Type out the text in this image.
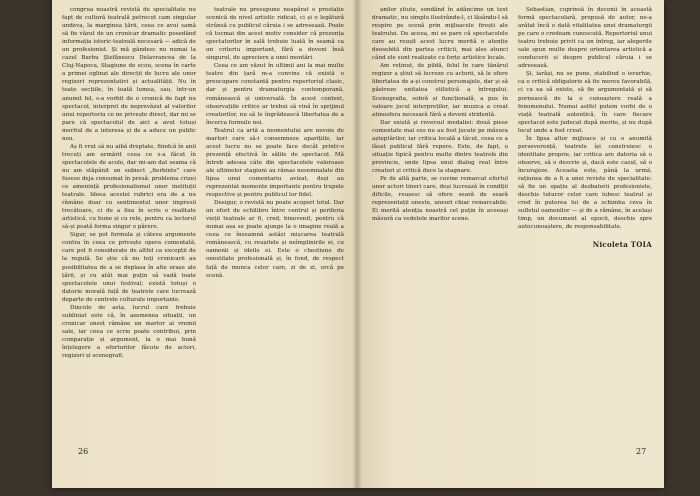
congrua noastră revistă de specialitate nu fapt de cultură teatrală petrecut cam singular undeva, la marginea țării, ceea ce avui samă să fie văzut de un cronicar dramatic posedând informația istoric-teatrală necesară — adică de un profesionist. Și mă gândesc nu numai la cazul Barbu Ștefănescu Delavrancea de la Cluj-Napoca, Stagiune de ecou, scena în carte a primei oglinzi ale direcții de lucru ale unor regizori reprezentativi și actualității. Nu în toate secțiile, în toată lumea, sau, într-un anumit fel, s-a vorbit de o cronică de fapt nu spectacol, interpret de neprevăzut al valorilor unui repertoriu ce ne privește direct, dar mi se pare că spectacolul de aici a avut totuși meritul de a interesa și de a aduce un public nou.

Aș fi vrut să nu aibă dreptate, fiindcă în anii trecuți am urmărit ceea ce s-a făcut în spectacolele de acolo, dar mi-am dat seama că nu am stăpânit un subiect „fierbinte” care fusese deja consumat în presă: problema crizei ce amenință profesionalismul unor instituții teatrale. Ideea acestei rubrici era de a nu rămâne doar cu sentimentul unor impresii trecătoare, ci de a fixa în scris o realitate artistică, cu bune și cu rele, pentru ca lectorul să-și poată forma singur o părere.

Sigur, se pot formula și câteva argumente contra în ceea ce privește opera comentată, care pot fi considerate de altfel ca excepții de la regulă. Se știe că nu toți cronicarii au posibilitatea de a se deplasa în alte orașe ale țării, și cu atât mai puțin să vadă toate spectacolele unui festival; există totuși o datorie morală față de teatrele care lucrează departe de centrele culturale importante.

Dincolo de asta, lucrul care trebuie subliniat este că, în asemenea situații, un cronicar onest rămâne un martor al vremii sale, iar ceea ce scrie poate contribui, prin comparație și argument, la o mai bună înțelegere a eforturilor făcute de actori, regizori și scenografi.

teatrale nu presupune neapărat o prestație scenică de nivel artistic ridicat, ci și o legătură strânsă cu publicul căruia i se adresează. Poate că tocmai din acest motiv consider că prezența spectatorilor în sală trebuie luată în seamă ca un criteriu important, fără a deveni însă singurul, de apreciere a unei montări.

Ceea ce am văzut în ultimii ani la mai multe teatre din țară m-a convins că există o preocupare constantă pentru repertoriul clasic, dar și pentru dramaturgia contemporană, românească și universală. În acest context, observațiile critice ar trebui să vină în sprijinul creatorilor, nu să le îngrădească libertatea de a încerca formule noi.

Teatrul ca artă a momentului are nevoie de martori care să-i consemneze aparițiile, iar acest lucru nu se poate face decât printr-o prezență efectivă în sălile de spectacol. Mă întreb adesea câte din spectacolele valoroase ale ultimelor stagiuni au rămas nesemnalate din lipsa unui comentariu avizat, deși au reprezentat momente importante pentru trupele respective și pentru publicul lor fidel.

Desigur, o revistă nu poate acoperi totul. Dar un efort de echilibru între centrul și periferia vieții teatrale ar fi, cred, binevenit, pentru că numai așa se poate ajunge la o imagine reală a ceea ce înseamnă astăzi mișcarea teatrală românească, cu reușitele și neîmplinirile ei, cu oamenii și ideile ei. Este o chestiune de onestitate profesională și, în fond, de respect față de munca celor care, zi de zi, urcă pe scenă.

26

anilor știute, sondând în adâncime un text dramatic, nu simplu ilustrându-l, ci lăsându-l să respire pe scenă prin mijloacele firești ale teatrului. De aceea, mi se pare că spectacolele care au reușit acest lucru merită o atenție deosebită din partea criticii, mai ales atunci când ele sunt realizate cu forțe artistice locale.

Am reținut, de pildă, felul în care tânărul regizor a știut să lucreze cu actorii, să le ofere libertatea de a-și construi personajele, dar și să păstreze unitatea stilistică a întregului. Scenografia, sobră și funcțională, a pus în valoare jocul interpreților, iar muzica a creat atmosfera necesară fără a deveni stridentă.

Dar există și reversul medaliei: două piese comentate mai sus nu au fost jucate pe măsura așteptărilor, iar critica locală a tăcut, ceea ce a lăsat publicul fără repere. Este, de fapt, o situație tipică pentru multe dintre teatrele din provincie, unde lipsa unui dialog real între creatori și critică duce la stagnare.

Pe de altă parte, se cuvine remarcat efortul unor actori tineri care, deși lucrează în condiții dificile, reușesc să ofere seară de seară reprezentații oneste, uneori chiar remarcabile. Ei merită atenția noastră cel puțin în aceeași măsură ca vedetele marilor scene.

Sebastian, cuprinsă în decenii în această formă spectaculară, propusă de autor, ne-a arătat încă o dată vitalitatea unei dramaturgii pe care o credeam cunoscută. Repertoriul unui teatru trebuie privit ca un întreg, iar alegerile sale spun multe despre orientarea artistică a conducerii și despre publicul căruia i se adresează.

Și, iarăși, nu se pune, stabilind o ierarhie, ca o critică obligatorie să fie mereu favorabilă, ci ca ea să existe, să fie argumentată și să pornească de la o cunoaștere reală a fenomenului. Numai astfel putem vorbi de o viață teatrală autentică, în care fiecare spectacol este judecat după merite, și nu după locul unde a fost creat.

În lipsa altor mijloace și cu o anumită perseverență, teatrele își construiesc o identitate proprie, iar critica are datoria să o observe, să o descrie și, dacă este cazul, să o încurajeze. Aceasta este, până la urmă, rațiunea de a fi a unei reviste de specialitate: să fie un spațiu al dezbaterii profesioniste, deschis tuturor celor care iubesc teatrul și cred în puterea lui de a schimba ceva în sufletul oamenilor — și de a rămâne, în același timp, un document al epocii, deschis spre autocunoaștere, de responsabilitate.

Nicoleta TOIA
27
